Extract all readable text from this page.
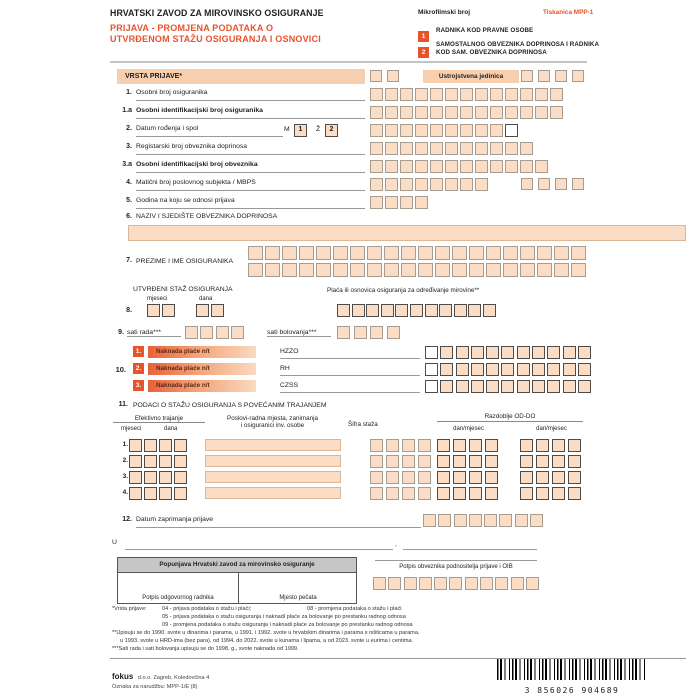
HRVATSKI ZAVOD ZA MIROVINSKO OSIGURANJE
PRIJAVA - PROMJENA PODATAKA O
UTVRĐENOM STAŽU OSIGURANJA I OSNOVICI
Mikrofilmski broj	Tiskanica MPP-1
1
RADNIKA KOD PRAVNE OSOBE
2
SAMOSTALNOG OBVEZNIKA DOPRINOSA I RADNIKA KOD SAM. OBVEZNIKA DOPRINOSA
VRSTA PRIJAVE*	Ustrojstvena jedinica
1. Osobni broj osiguranika
1.a Osobni identifikacijski broj osiguranika
2. Datum rođenja i spol	M	1	Ž	2
3. Registarski broj obveznika doprinosa
3.a Osobni identifikacijski broj obveznika
4. Matični broj poslovnog subjekta / MBPS
5. Godina na koju se odnosi prijava
6. NAZIV I SJEDIŠTE OBVEZNIKA DOPRINOSA
7. PREZIME I IME OSIGURANIKA
UTVRĐENI STAŽ OSIGURANJA
mjeseci	dana
8.
Plaća ili osnovica osiguranja za određivanje mirovine**
9. sati rada***	sati bolovanja***
10.
1.	Naknada plaće n/t	HZZO
2.	Naknada plaće n/t	RH
3.	Naknada plaće n/t	CZSS
11. PODACI O STAŽU OSIGURANJA S POVEĆANIM TRAJANJEM
Efektivno trajanje
mjeseci	dana
Poslovi-radna mjesta, zanimanja
i osiguranici inv. osobe	Šifra staža
Razdoblje OD-DO
dan/mjesec	dan/mjesec
1.
2.
3.
4.
12. Datum zaprimanja prijave
U	,
Popunjava Hrvatski zavod za mirovinsko osiguranje
Potpis odgovornog radnika	Mjesto pečata
Potpis obveznika podnositelja prijave i OIB
*Vrsta prijave:	04 - prijava podataka o stažu i plaći;	08 - promjena podataka o stažu i plaći
05 - prijava podataka o stažu osiguranja i naknadi plaće za bolovanje po prestanku radnog odnosa
09 - promjena podataka o stažu osiguranja i naknadi plaće za bolovanje po prestanku radnog odnosa
**Upisuju se do 1990. svote u dinarima i parama, u 1991. i 1992. svote u hrvatskim dinarima i parama s ništicama u parama,
u 1993. svote u HRD-ima (bez para), od 1994. do 2022. svote u kunama i lipama, a od 2023. svote u eurima i centima.
***Sati rada i sati bolovanja upisuju se do 1998. g., svote naknada od 1999.
fokus d.o.o. Zagreb, Koledovčina 4
Oznaka za narudžbu: MPP-1/E (8)	3 856026 904689
